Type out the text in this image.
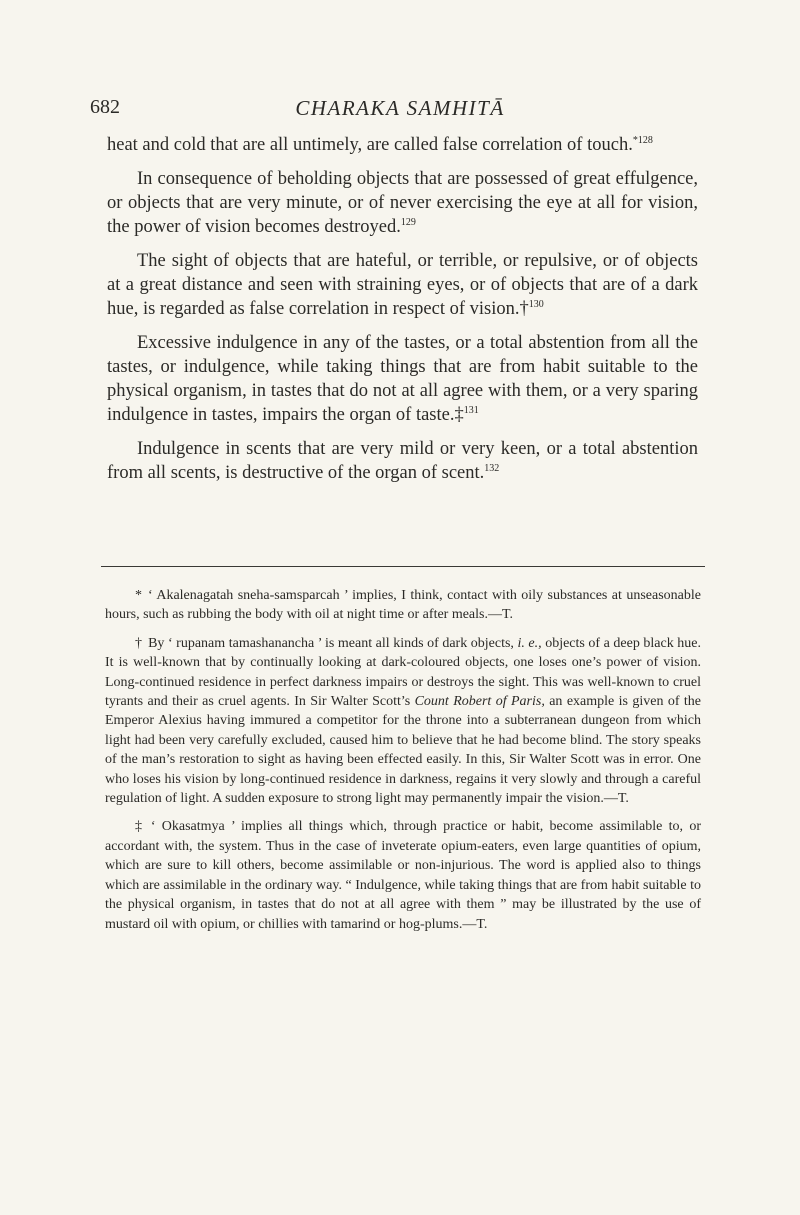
682	CHARAKA SAMHITĀ

heat and cold that are all untimely, are called false correlation of touch.$^{*128}$

In consequence of beholding objects that are possessed of great effulgence, or objects that are very minute, or of never exercising the eye at all for vision, the power of vision becomes destroyed.$^{129}$

The sight of objects that are hateful, or terrible, or repulsive, or of objects at a great distance and seen with straining eyes, or of objects that are of a dark hue, is regarded as false correlation in respect of vision.†$^{130}$

Excessive indulgence in any of the tastes, or a total abstention from all the tastes, or indulgence, while taking things that are from habit suitable to the physical organism, in tastes that do not at all agree with them, or a very sparing indulgence in tastes, impairs the organ of taste.‡$^{131}$

Indulgence in scents that are very mild or very keen, or a total abstention from all scents, is destructive of the organ of scent.$^{132}$

* ‘ Akalenagatah sneha-samsparcah ’ implies, I think, contact with oily substances at unseasonable hours, such as rubbing the body with oil at night time or after meals.—T.

† By ‘ rupanam tamashanancha ’ is meant all kinds of dark objects, i. e., objects of a deep black hue. It is well-known that by continually looking at dark-coloured objects, one loses one’s power of vision. Long-continued residence in perfect darkness impairs or destroys the sight. This was well-known to cruel tyrants and their as cruel agents. In Sir Walter Scott’s Count Robert of Paris, an example is given of the Emperor Alexius having immured a competitor for the throne into a subterranean dungeon from which light had been very carefully excluded, caused him to believe that he had become blind. The story speaks of the man’s restoration to sight as having been effected easily. In this, Sir Walter Scott was in error. One who loses his vision by long-continued residence in darkness, regains it very slowly and through a careful regulation of light. A sudden exposure to strong light may permanently impair the vision.—T.

‡ ‘ Okasatmya ’ implies all things which, through practice or habit, become assimilable to, or accordant with, the system. Thus in the case of inveterate opium-eaters, even large quantities of opium, which are sure to kill others, become assimilable or non-injurious. The word is applied also to things which are assimilable in the ordinary way. “ Indulgence, while taking things that are from habit suitable to the physical organism, in tastes that do not at all agree with them ” may be illustrated by the use of mustard oil with opium, or chillies with tamarind or hog-plums.—T.
